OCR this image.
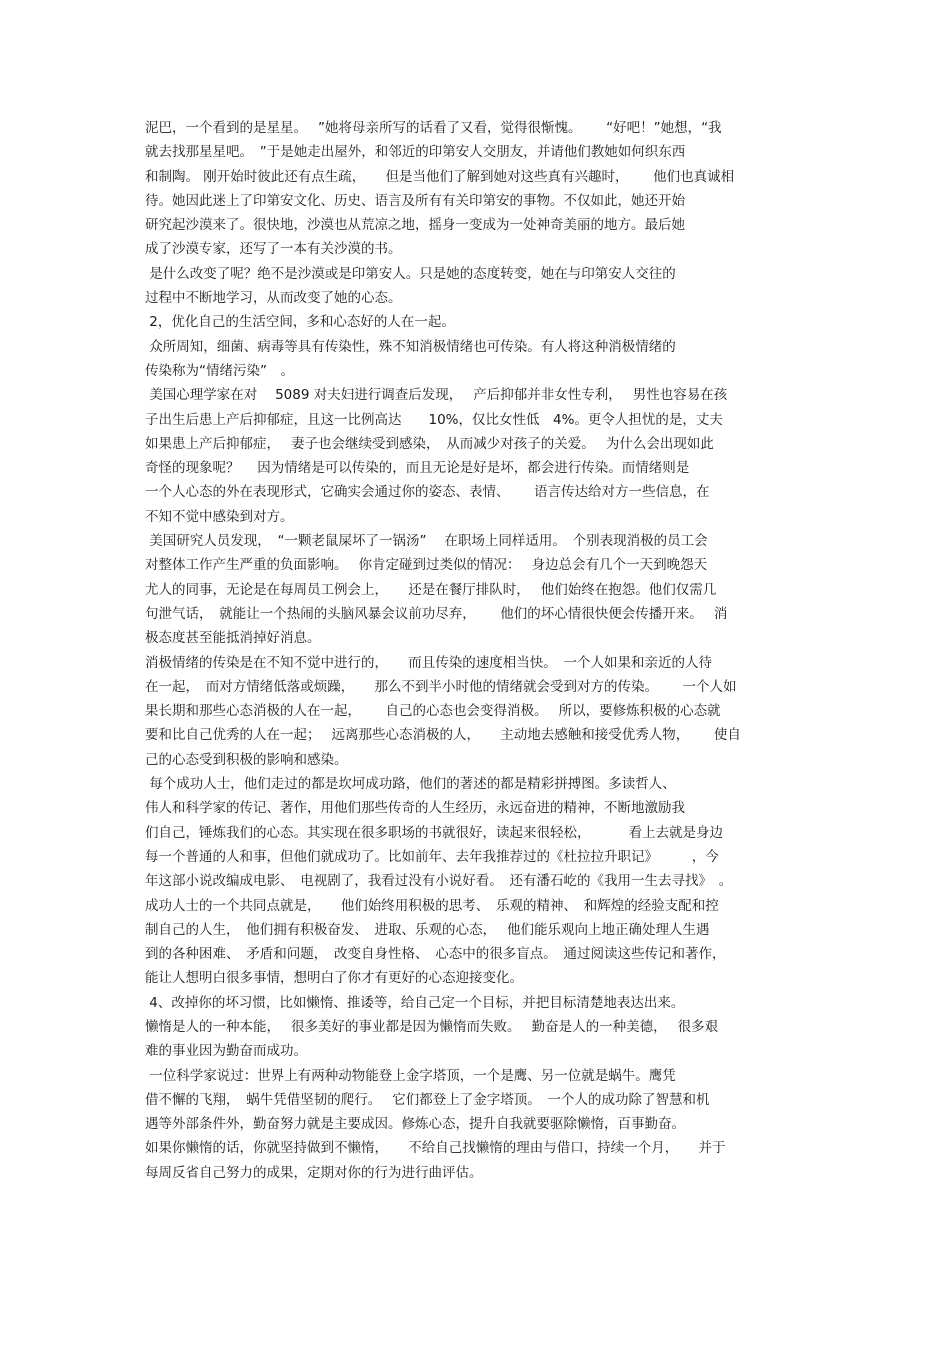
泥巴，一个看到的是星星。　 ”她将母亲所写的话看了又看，觉得很惭愧。　　 “好吧！”她想，“我
就去找那星星吧。　”于是她走出屋外，和邻近的印第安人交朋友，并请他们教她如何织东西
和制陶。 刚开始时彼此还有点生疏，　　但是当他们了解到她对这些真有兴趣时，　　 他们也真诚相
待。她因此迷上了印第安文化、历史、语言及所有有关印第安的事物。不仅如此，她还开始
研究起沙漠来了。很快地，沙漠也从荒凉之地，摇身一变成为一处神奇美丽的地方。最后她
成了沙漠专家，还写了一本有关沙漠的书。
是什么改变了呢？绝不是沙漠或是印第安人。只是她的态度转变，她在与印第安人交往的
过程中不断地学习，从而改变了她的心态。
2，优化自己的生活空间，多和心态好的人在一起。
众所周知，细菌、病毒等具有传染性，殊不知消极情绪也可传染。有人将这种消极情绪的
传染称为“情绪污染”　。
美国心理学家在对　 5089 对夫妇进行调查后发现，　 产后抑郁并非女性专利，　 男性也容易在孩
子出生后患上产后抑郁症，且这一比例高达　　10%，仅比女性低　4%。更令人担忧的是，丈夫
如果患上产后抑郁症，　 妻子也会继续受到感染，　从而减少对孩子的关爱。　 为什么会出现如此
奇怪的现象呢？　 因为情绪是可以传染的，而且无论是好是坏，都会进行传染。而情绪则是
一个人心态的外在表现形式，它确实会通过你的姿态、表情、　　 语言传达给对方一些信息，在
不知不觉中感染到对方。
美国研究人员发现，　“一颗老鼠屎坏了一锅汤”　 在职场上同样适用。　个别表现消极的员工会
对整体工作产生严重的负面影响。　 你肯定碰到过类似的情况：　 身边总会有几个一天到晚怨天
尤人的同事，无论是在每周员工例会上，　　还是在餐厅排队时，　 他们始终在抱怨。他们仅需几
句泄气话，　就能让一个热闹的头脑风暴会议前功尽弃，　　 他们的坏心情很快便会传播开来。　 消
极态度甚至能抵消掉好消息。
消极情绪的传染是在不知不觉中进行的，　　而且传染的速度相当快。　一个人如果和亲近的人待
在一起，　而对方情绪低落或烦躁，　　那么不到半小时他的情绪就会受到对方的传染。　　 一个人如
果长期和那些心态消极的人在一起，　　 自己的心态也会变得消极。　 所以，要修炼积极的心态就
要和比自己优秀的人在一起；　 远离那些心态消极的人，　　主动地去感触和接受优秀人物，　　 使自
己的心态受到积极的影响和感染。
每个成功人士，他们走过的都是坎坷成功路，他们的著述的都是精彩拼搏图。多读哲人、
伟人和科学家的传记、著作，用他们那些传奇的人生经历，永远奋进的精神，不断地激励我
们自己，锤炼我们的心态。其实现在很多职场的书就很好，读起来很轻松，　　　 看上去就是身边
每一个普通的人和事，但他们就成功了。比如前年、去年我推荐过的《杜拉拉升职记》　　　，今
年这部小说改编成电影、　电视剧了，我看过没有小说好看。　还有潘石屹的《我用一生去寻找》　。
成功人士的一个共同点就是，　　他们始终用积极的思考、　乐观的精神、　和辉煌的经验支配和控
制自己的人生，　他们拥有积极奋发、　进取、乐观的心态，　 他们能乐观向上地正确处理人生遇
到的各种困难、　矛盾和问题，　改变自身性格、　心态中的很多盲点。　通过阅读这些传记和著作，
能让人想明白很多事情，想明白了你才有更好的心态迎接变化。
4、改掉你的坏习惯，比如懒惰、推诿等，给自己定一个目标，并把目标清楚地表达出来。
懒惰是人的一种本能，　 很多美好的事业都是因为懒惰而失败。　 勤奋是人的一种美德，　 很多艰
难的事业因为勤奋而成功。
一位科学家说过：世界上有两种动物能登上金字塔顶，一个是鹰、另一位就是蜗牛。鹰凭
借不懈的飞翔，　蜗牛凭借坚韧的爬行。　 它们都登上了金字塔顶。　一个人的成功除了智慧和机
遇等外部条件外，勤奋努力就是主要成因。修炼心态，提升自我就要驱除懒惰，百事勤奋。
如果你懒惰的话，你就坚持做到不懒惰，　　不给自己找懒惰的理由与借口，持续一个月，　　并于
每周反省自己努力的成果，定期对你的行为进行曲评估。
